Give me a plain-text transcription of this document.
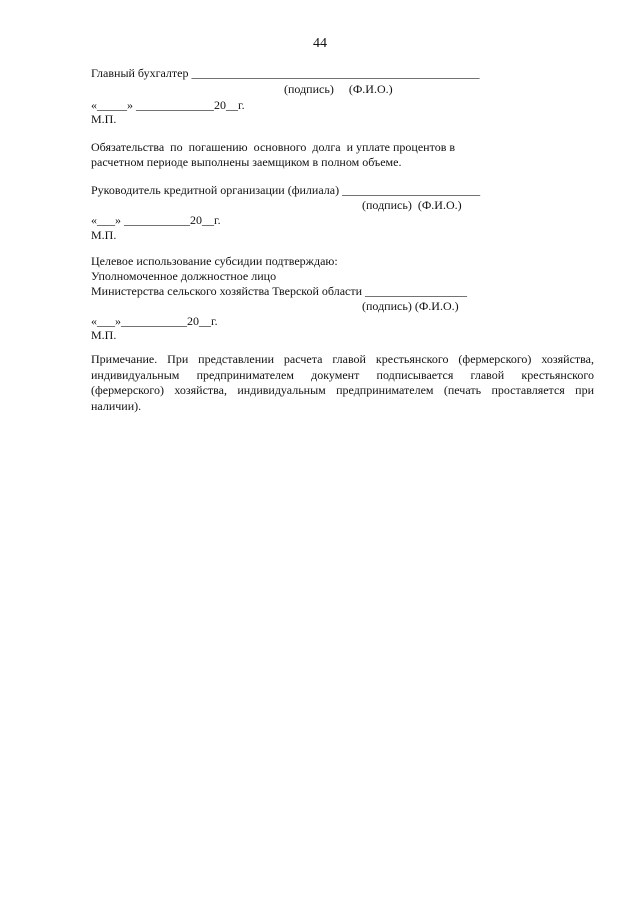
44
Главный бухгалтер ________________________________________________
(подпись)     (Ф.И.О.)
«_____» _____________20__г.
М.П.
Обязательства  по  погашению  основного  долга  и уплате процентов в
расчетном периоде выполнены заемщиком в полном объеме.
Руководитель кредитной организации (филиала) _______________________
(подпись)  (Ф.И.О.)
«___» ___________20__г.
М.П.
Целевое использование субсидии подтверждаю:
Уполномоченное должностное лицо
Министерства сельского хозяйства Тверской области _________________
(подпись) (Ф.И.О.)
«___»___________20__г.
М.П.
Примечание. При представлении расчета главой крестьянского (фермерского) хозяйства, индивидуальным предпринимателем документ подписывается главой крестьянского (фермерского) хозяйства, индивидуальным предпринимателем (печать проставляется при наличии).
